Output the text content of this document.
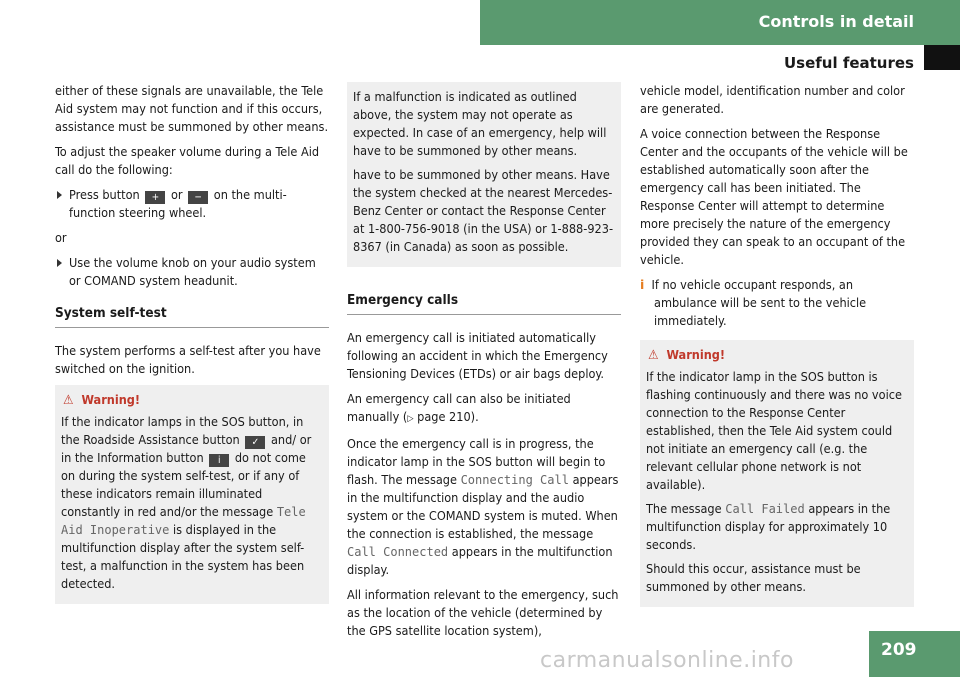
Controls in detail
Useful features

either of these signals are unavailable, the Tele Aid system may not function and if this occurs, assistance must be summoned by other means.

To adjust the speaker volume during a Tele Aid call do the following:

Press button + or − on the multi-function steering wheel.

or

Use the volume knob on your audio system or COMAND system headunit.
System self-test

The system performs a self-test after you have switched on the ignition.

⚠ Warning!

If the indicator lamps in the SOS button, in the Roadside Assistance button ✓ and/ or in the Information button i do not come on during the system self-test, or if any of these indicators remain illuminated constantly in red and/or the message Tele Aid Inoperative is displayed in the multifunction display after the system self-test, a malfunction in the system has been detected.

If a malfunction is indicated as outlined above, the system may not operate as expected. In case of an emergency, help will have to be summoned by other means.

have to be summoned by other means. Have the system checked at the nearest Mercedes-Benz Center or contact the Response Center at 1-800-756-9018 (in the USA) or 1-888-923-8367 (in Canada) as soon as possible.

Emergency calls

An emergency call is initiated automatically following an accident in which the Emergency Tensioning Devices (ETDs) or air bags deploy.

An emergency call can also be initiated manually (▷ page 210).

Once the emergency call is in progress, the indicator lamp in the SOS button will begin to flash. The message Connecting Call appears in the multifunction display and the audio system or the COMAND system is muted. When the connection is established, the message Call Connected appears in the multifunction display.

All information relevant to the emergency, such as the location of the vehicle (determined by the GPS satellite location system),

vehicle model, identification number and color are generated.

A voice connection between the Response Center and the occupants of the vehicle will be established automatically soon after the emergency call has been initiated. The Response Center will attempt to determine more precisely the nature of the emergency provided they can speak to an occupant of the vehicle.

i If no vehicle occupant responds, an ambulance will be sent to the vehicle immediately.

⚠ Warning!

If the indicator lamp in the SOS button is flashing continuously and there was no voice connection to the Response Center established, then the Tele Aid system could not initiate an emergency call (e.g. the relevant cellular phone network is not available).

The message Call Failed appears in the multifunction display for approximately 10 seconds.

Should this occur, assistance must be summoned by other means.

209
carmanualsonline.info
